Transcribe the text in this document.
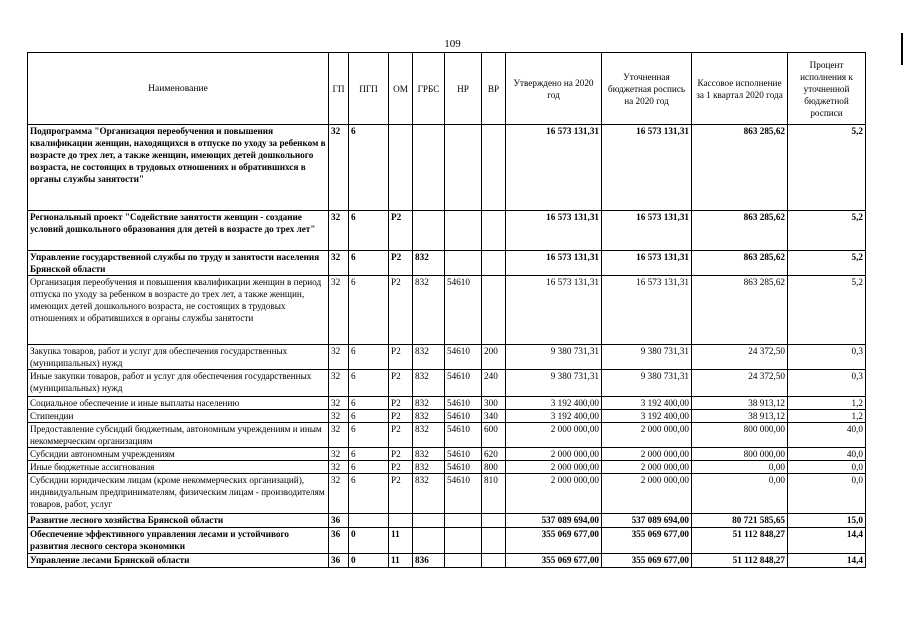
109
Наименование	ГП	ПГП	ОМ	ГРБС	НР	ВР	Утверждено на 2020 год	Уточненная бюджетная роспись на 2020 год	Кассовое исполнение за 1 квартал 2020 года	Процент исполнения к уточненной бюджетной росписи
Подпрограмма "Организация переобучения и повышения квалификации женщин, находящихся в отпуске по уходу за ребенком в возрасте до трех лет, а также женщин, имеющих детей дошкольного возраста, не состоящих в трудовых отношениях и обратившихся в органы службы занятости"	32	6					16 573 131,31	16 573 131,31	863 285,62	5,2
Региональный проект "Содействие занятости женщин - создание условий дошкольного образования для детей в возрасте до трех лет"	32	6	P2				16 573 131,31	16 573 131,31	863 285,62	5,2
Управление государственной службы по труду и занятости населения Брянской области	32	6	P2	832			16 573 131,31	16 573 131,31	863 285,62	5,2
Организация переобучения и повышения квалификации женщин в период отпуска по уходу за ребенком в возрасте до трех лет, а также женщин, имеющих детей дошкольного возраста, не состоящих в трудовых отношениях и обратившихся в органы службы занятости	32	6	P2	832	54610		16 573 131,31	16 573 131,31	863 285,62	5,2
Закупка товаров, работ и услуг для обеспечения государственных (муниципальных) нужд	32	6	P2	832	54610	200	9 380 731,31	9 380 731,31	24 372,50	0,3
Иные закупки товаров, работ и услуг для обеспечения государственных (муниципальных) нужд	32	6	P2	832	54610	240	9 380 731,31	9 380 731,31	24 372,50	0,3
Социальное обеспечение и иные выплаты населению	32	6	P2	832	54610	300	3 192 400,00	3 192 400,00	38 913,12	1,2
Стипендии	32	6	P2	832	54610	340	3 192 400,00	3 192 400,00	38 913,12	1,2
Предоставление субсидий бюджетным, автономным учреждениям и иным некоммерческим организациям	32	6	P2	832	54610	600	2 000 000,00	2 000 000,00	800 000,00	40,0
Субсидии автономным учреждениям	32	6	P2	832	54610	620	2 000 000,00	2 000 000,00	800 000,00	40,0
Иные бюджетные ассигнования	32	6	P2	832	54610	800	2 000 000,00	2 000 000,00	0,00	0,0
Субсидии юридическим лицам (кроме некоммерческих организаций), индивидуальным предпринимателям, физическим лицам - производителям товаров, работ, услуг	32	6	P2	832	54610	810	2 000 000,00	2 000 000,00	0,00	0,0
Развитие лесного хозяйства Брянской области	36						537 089 694,00	537 089 694,00	80 721 585,65	15,0
Обеспечение эффективного управления лесами и устойчивого развития лесного сектора экономики	36	0	11				355 069 677,00	355 069 677,00	51 112 848,27	14,4
Управление лесами Брянской области	36	0	11	836			355 069 677,00	355 069 677,00	51 112 848,27	14,4
